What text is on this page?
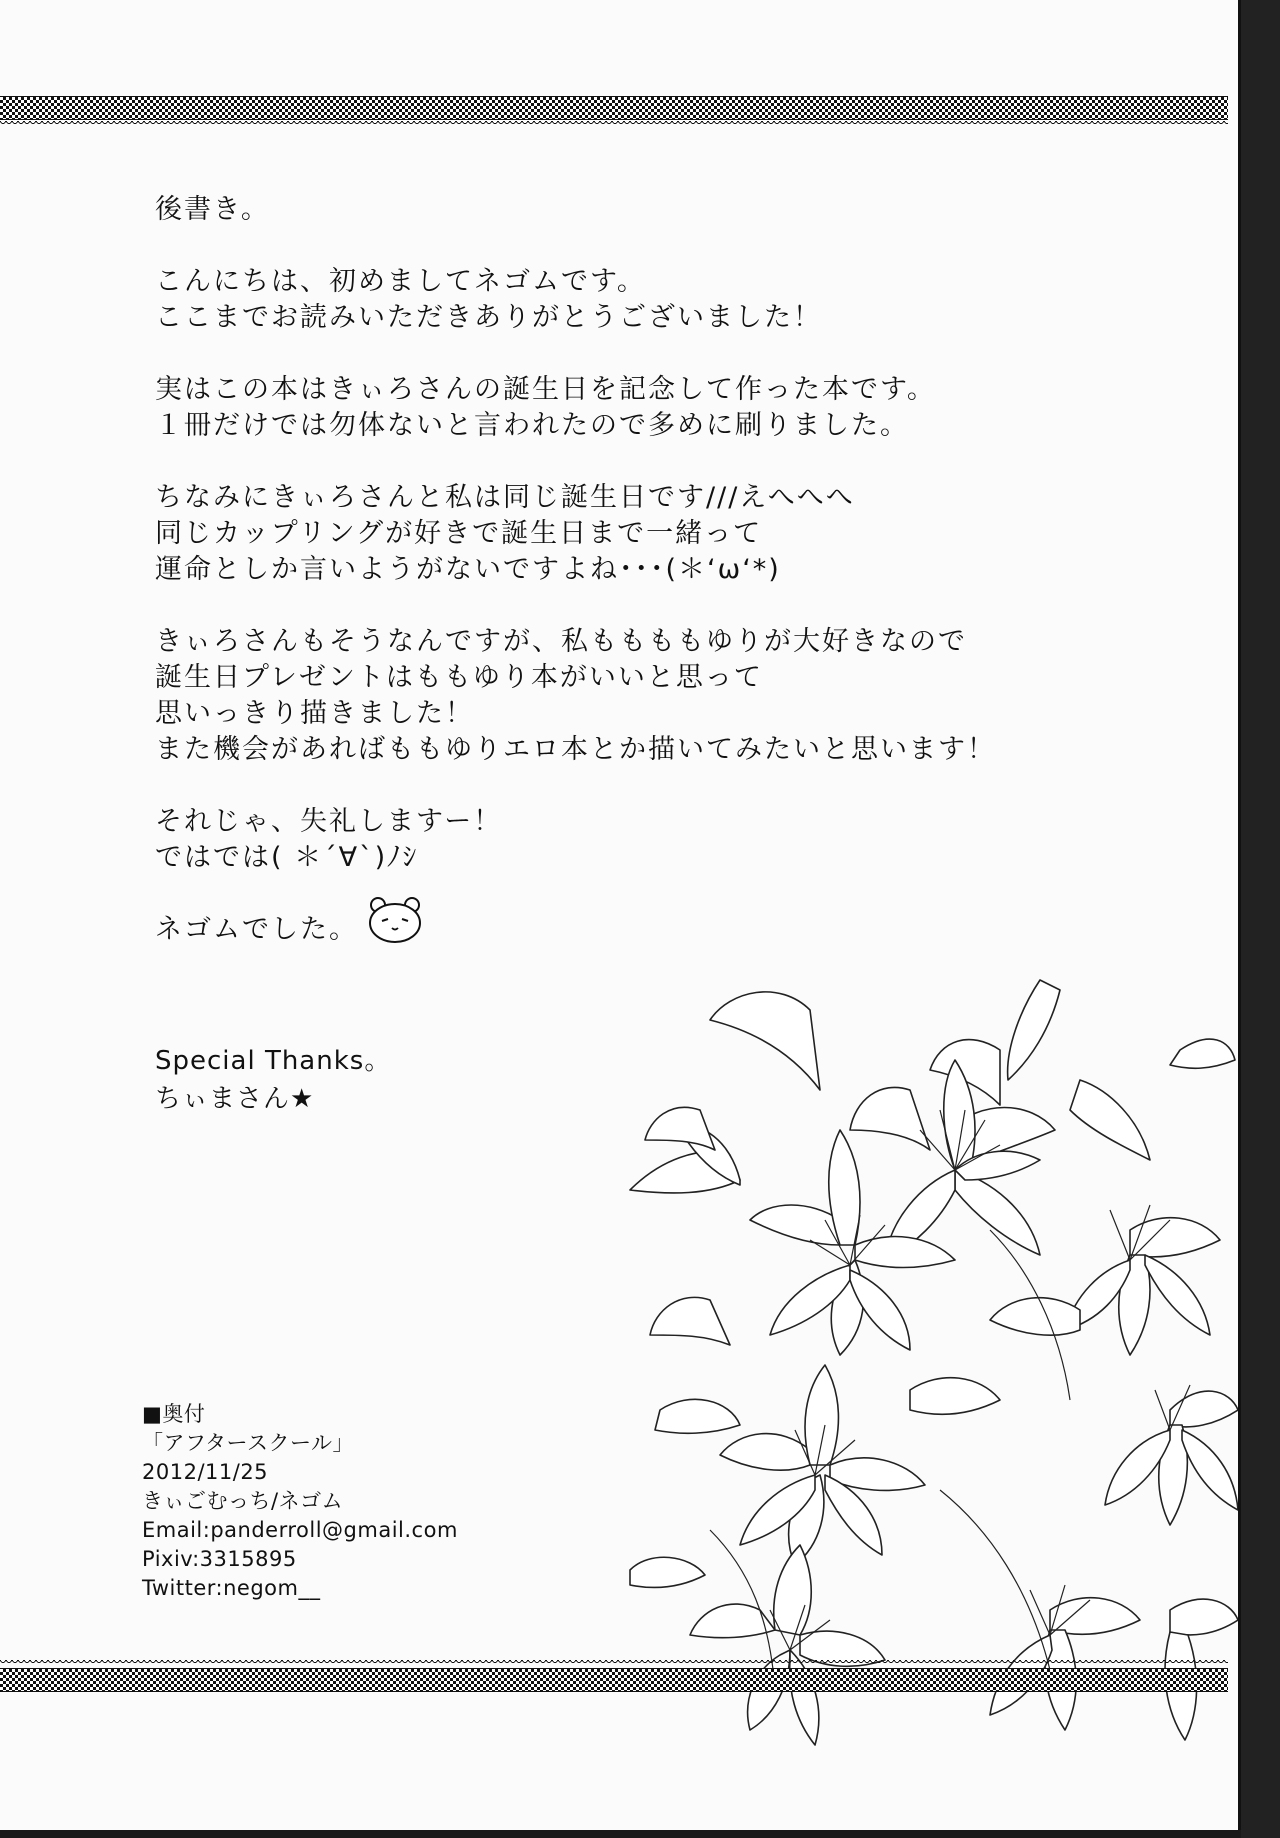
後書き。
こんにちは、初めましてネゴムです。
ここまでお読みいただきありがとうございました！
実はこの本はきぃろさんの誕生日を記念して作った本です。
１冊だけでは勿体ないと言われたので多めに刷りました。
ちなみにきぃろさんと私は同じ誕生日です///えへへへ
同じカップリングが好きで誕生日まで一緒って
運命としか言いようがないですよね･･･(＊‘ω‘*)
きぃろさんもそうなんですが、私ももももゆりが大好きなので
誕生日プレゼントはももゆり本がいいと思って
思いっきり描きました！
また機会があればももゆりエロ本とか描いてみたいと思います！
それじゃ、失礼しますー！
ではでは( ＊´∀`)ﾉｼ
ネゴムでした。
Special Thanks。
ちぃまさん★
■奥付
「アフタースクール」
2012/11/25
きぃごむっち/ネゴム
Email:panderroll@gmail.com
Pixiv:3315895
Twitter:negom__
